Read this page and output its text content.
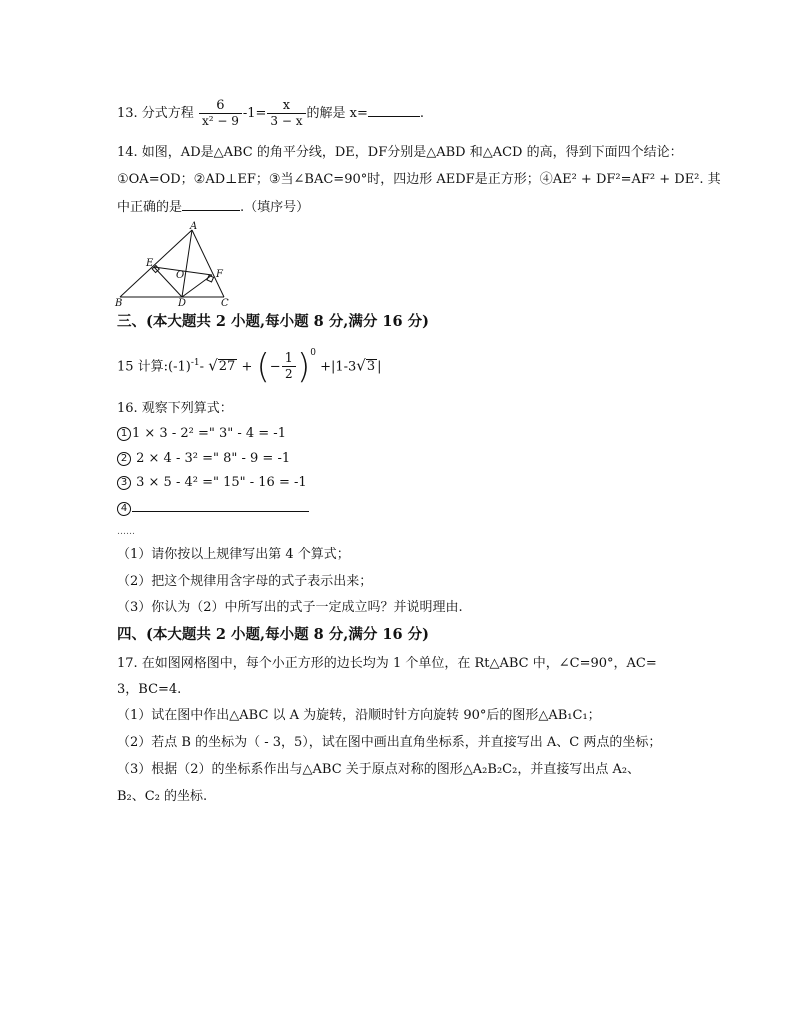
13. 分式方程 $\frac{6}{\text{x² − 9}} -1= \frac{x}{3 - x}$ 的解是 x=	.
14. 如图，AD是△ABC 的角平分线，DE，DF分别是△ABD 和△ACD 的高，得到下面四个结论：
①OA=OD；②AD⊥EF；③当∠BAC=90°时，四边形 AEDF是正方形；④AE² + DF²=AF² + DE². 其
中正确的是	.（填序号）
A
B	C
D
E
F
O
三、(本大题共 2 小题,每小题 8 分,满分 16 分)
15 计算$:(-1)^{-1}-$ √27 + (− $\frac{1}{2} )^0 +|1-3√3$ |
16. 观察下列算式：
1 1 × 3 - 2² =" 3" - 4 = -1
2 2 × 4 - 3² =" 8" - 9 = -1
3 3 × 5 - 4² =" 15" - 16 = -1
4
……
（1）请你按以上规律写出第 4 个算式；
（2）把这个规律用含字母的式子表示出来；
（3）你认为（2）中所写出的式子一定成立吗？并说明理由.
四、(本大题共 2 小题,每小题 8 分,满分 16 分)
17. 在如图网格图中，每个小正方形的边长均为 1 个单位，在 Rt△ABC 中，∠C=90°，AC=
3，BC=4.
（1）试在图中作出△ABC 以 A 为旋转，沿顺时针方向旋转 90°后的图形△AB₁C₁；
（2）若点 B 的坐标为（ - 3，5），试在图中画出直角坐标系，并直接写出 A、C 两点的坐标；
（3）根据（2）的坐标系作出与△ABC 关于原点对称的图形△A₂B₂C₂，并直接写出点 A₂、
B₂、C₂ 的坐标.
